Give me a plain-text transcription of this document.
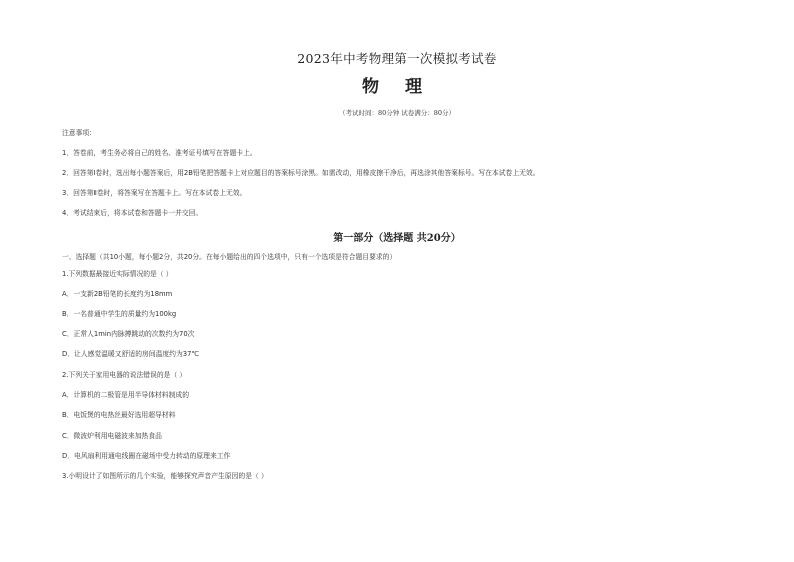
2023年中考物理第一次模拟考试卷
物 理
（考试时间：80分钟 试卷满分：80分）
注意事项：
1．答卷前，考生务必将自己的姓名、准考证号填写在答题卡上。
2．回答第Ⅰ卷时，选出每小题答案后，用2B铅笔把答题卡上对应题目的答案标号涂黑。如需改动，用橡皮擦干净后，再选涂其他答案标号。写在本试卷上无效。
3．回答第Ⅱ卷时，将答案写在答题卡上。写在本试卷上无效。
4．考试结束后，将本试卷和答题卡一并交回。
第一部分（选择题 共20分）
一、选择题（共10小题，每小题2分，共20分。在每小题给出的四个选项中，只有一个选项是符合题目要求的）
1.下列数据最接近实际情况的是（ ）
A．一支新2B铅笔的长度约为18mm
B．一名普通中学生的质量约为100kg
C．正常人1min内脉搏跳动的次数约为70次
D．让人感觉温暖又舒适的房间温度约为37℃
2.下列关于家用电器的说法错误的是（ ）
A．计算机的二极管是用半导体材料制成的
B．电饭煲的电热丝最好选用超导材料
C．微波炉利用电磁波来加热食品
D．电风扇利用通电线圈在磁场中受力转动的原理来工作
3.小明设计了如图所示的几个实验，能够探究声音产生原因的是（ ）
